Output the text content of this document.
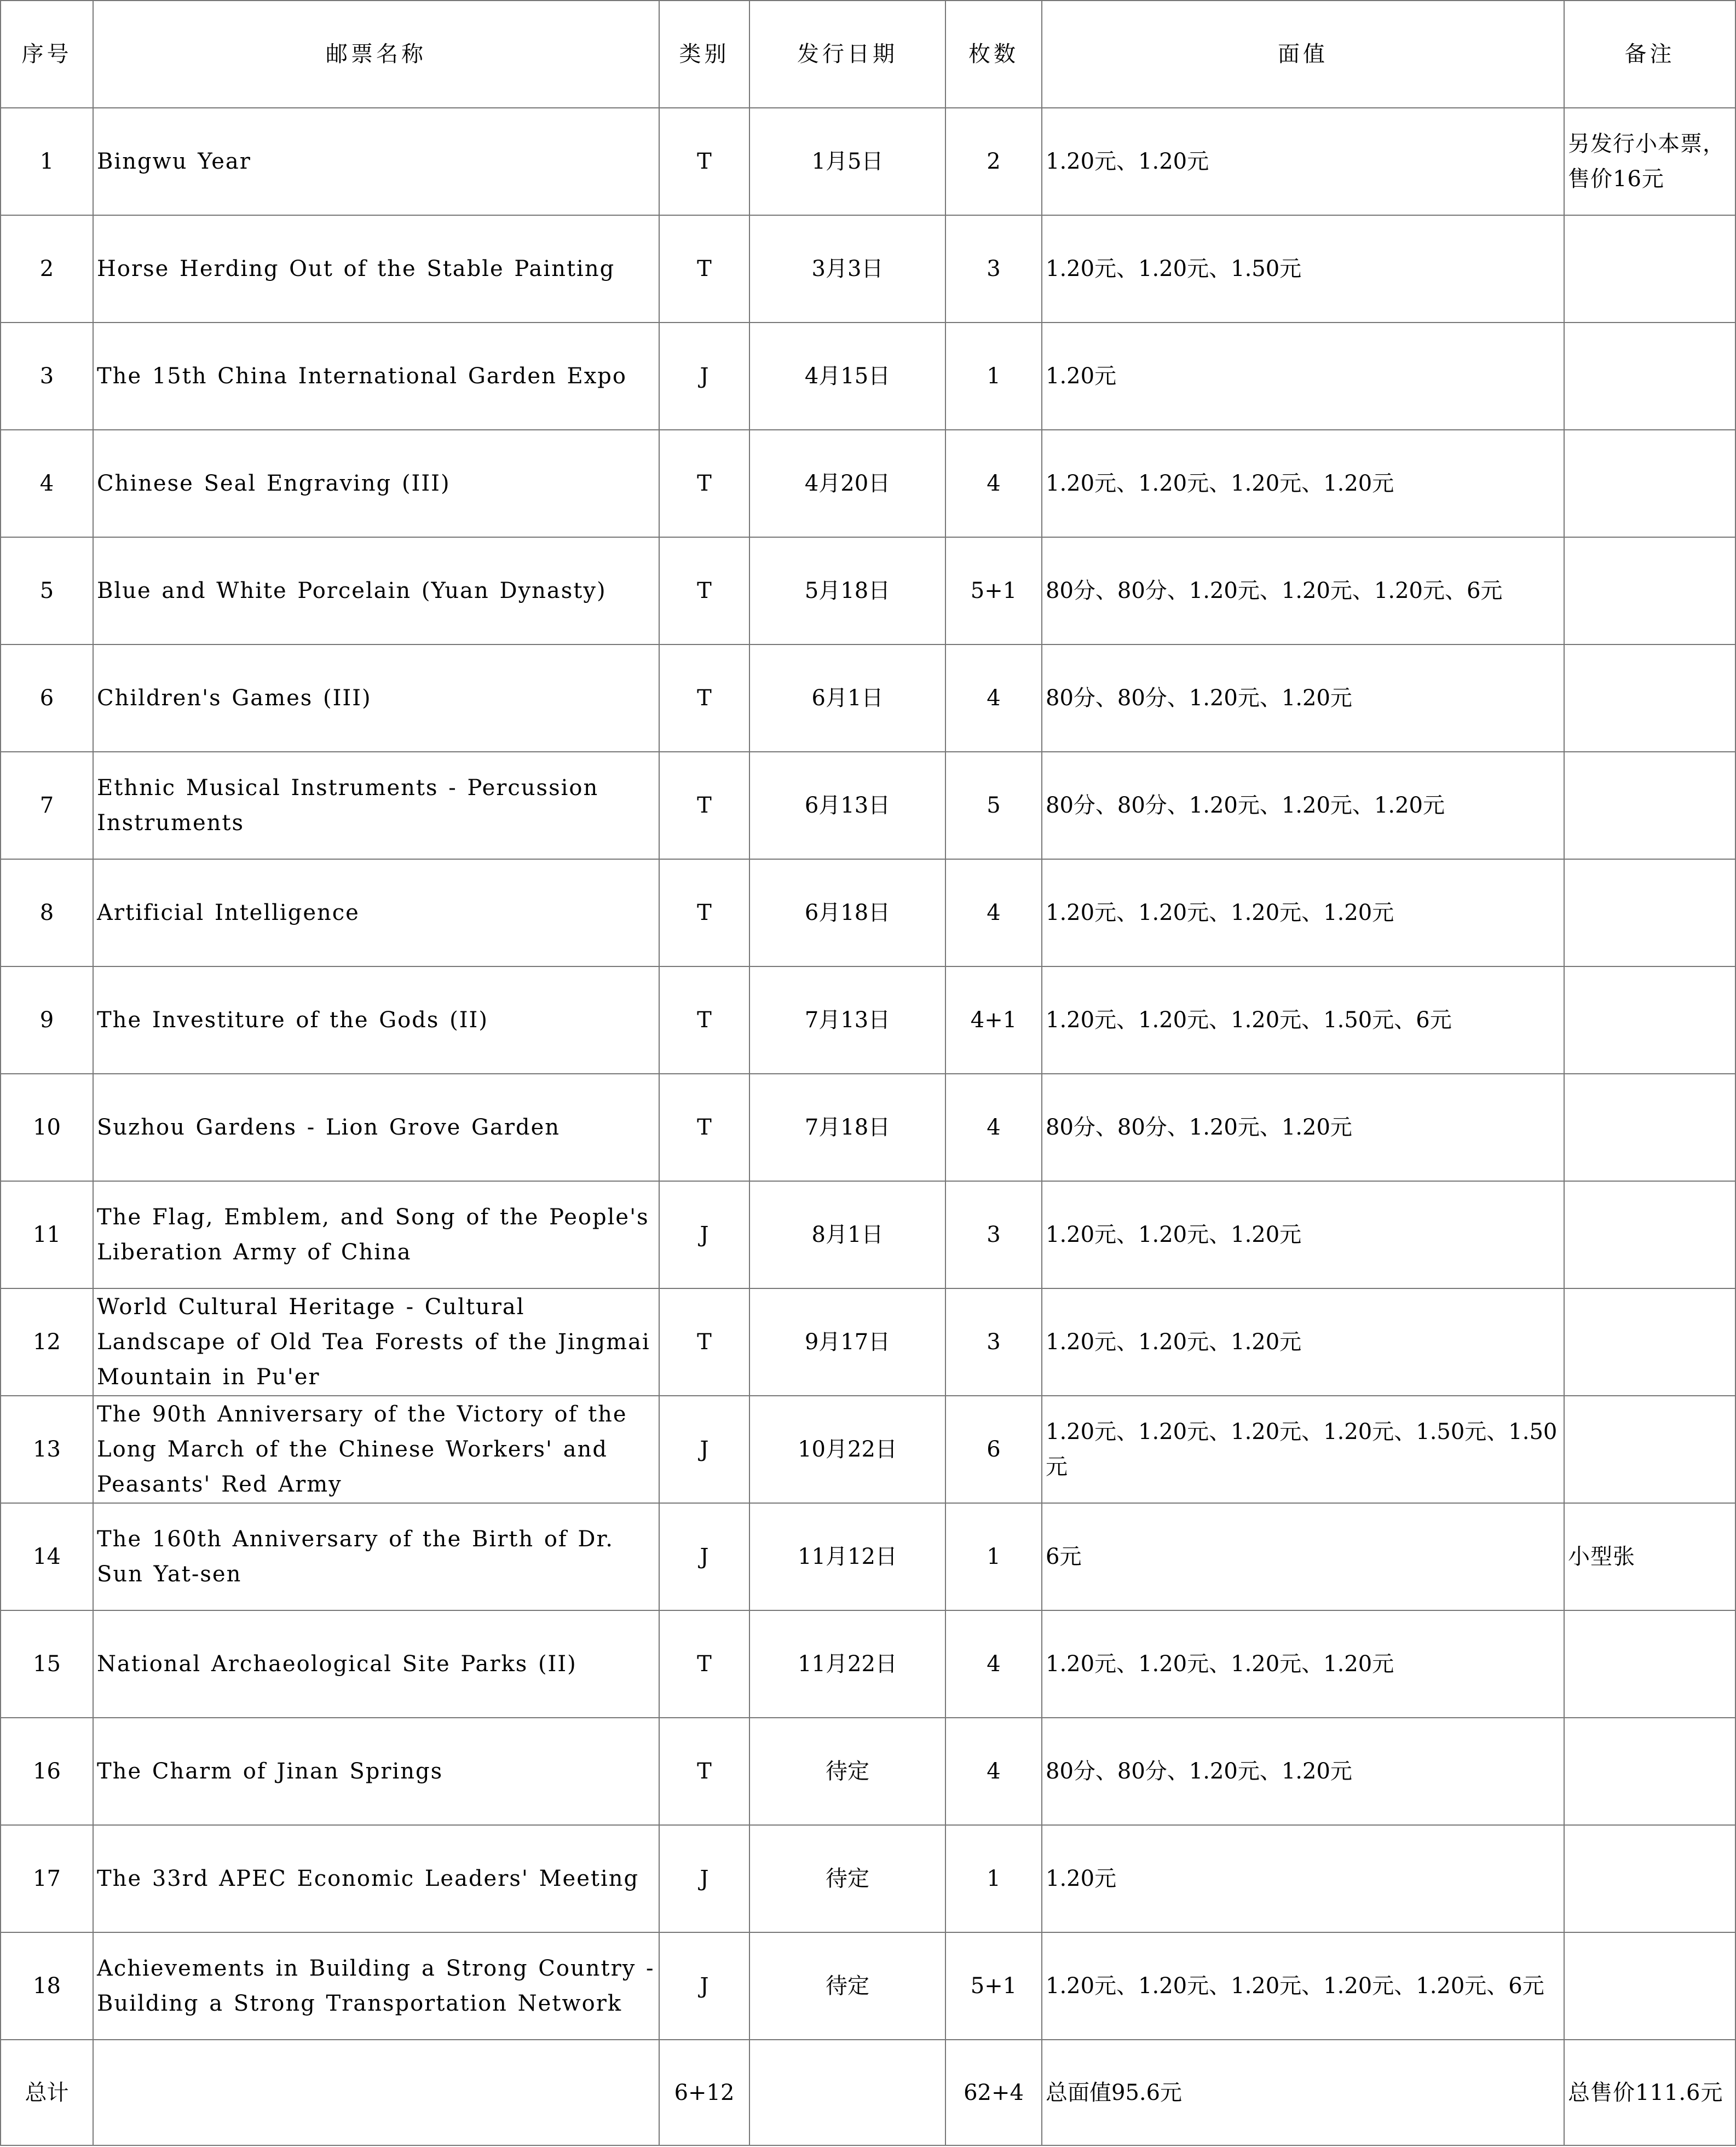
序号	邮票名称	类别	发行日期	枚数	面值	备注
1	Bingwu Year	T	1月5日	2	1.20元、1.20元	另发行小本票，售价16元
2	Horse Herding Out of the Stable Painting	T	3月3日	3	1.20元、1.20元、1.50元	
3	The 15th China International Garden Expo	J	4月15日	1	1.20元	
4	Chinese Seal Engraving (III)	T	4月20日	4	1.20元、1.20元、1.20元、1.20元	
5	Blue and White Porcelain (Yuan Dynasty)	T	5月18日	5+1	80分、80分、1.20元、1.20元、1.20元、6元	
6	Children's Games (III)	T	6月1日	4	80分、80分、1.20元、1.20元	
7	Ethnic Musical Instruments - Percussion Instruments	T	6月13日	5	80分、80分、1.20元、1.20元、1.20元	
8	Artificial Intelligence	T	6月18日	4	1.20元、1.20元、1.20元、1.20元	
9	The Investiture of the Gods (II)	T	7月13日	4+1	1.20元、1.20元、1.20元、1.50元、6元	
10	Suzhou Gardens - Lion Grove Garden	T	7月18日	4	80分、80分、1.20元、1.20元	
11	The Flag, Emblem, and Song of the People's Liberation Army of China	J	8月1日	3	1.20元、1.20元、1.20元	
12	World Cultural Heritage - Cultural Landscape of Old Tea Forests of the Jingmai Mountain in Pu'er	T	9月17日	3	1.20元、1.20元、1.20元	
13	The 90th Anniversary of the Victory of the Long March of the Chinese Workers' and Peasants' Red Army	J	10月22日	6	1.20元、1.20元、1.20元、1.20元、1.50元、1.50元	
14	The 160th Anniversary of the Birth of Dr. Sun Yat-sen	J	11月12日	1	6元	小型张
15	National Archaeological Site Parks (II)	T	11月22日	4	1.20元、1.20元、1.20元、1.20元	
16	The Charm of Jinan Springs	T	待定	4	80分、80分、1.20元、1.20元	
17	The 33rd APEC Economic Leaders' Meeting	J	待定	1	1.20元	
18	Achievements in Building a Strong Country - Building a Strong Transportation Network	J	待定	5+1	1.20元、1.20元、1.20元、1.20元、1.20元、6元	
总计		6+12		62+4	总面值95.6元	总售价111.6元
